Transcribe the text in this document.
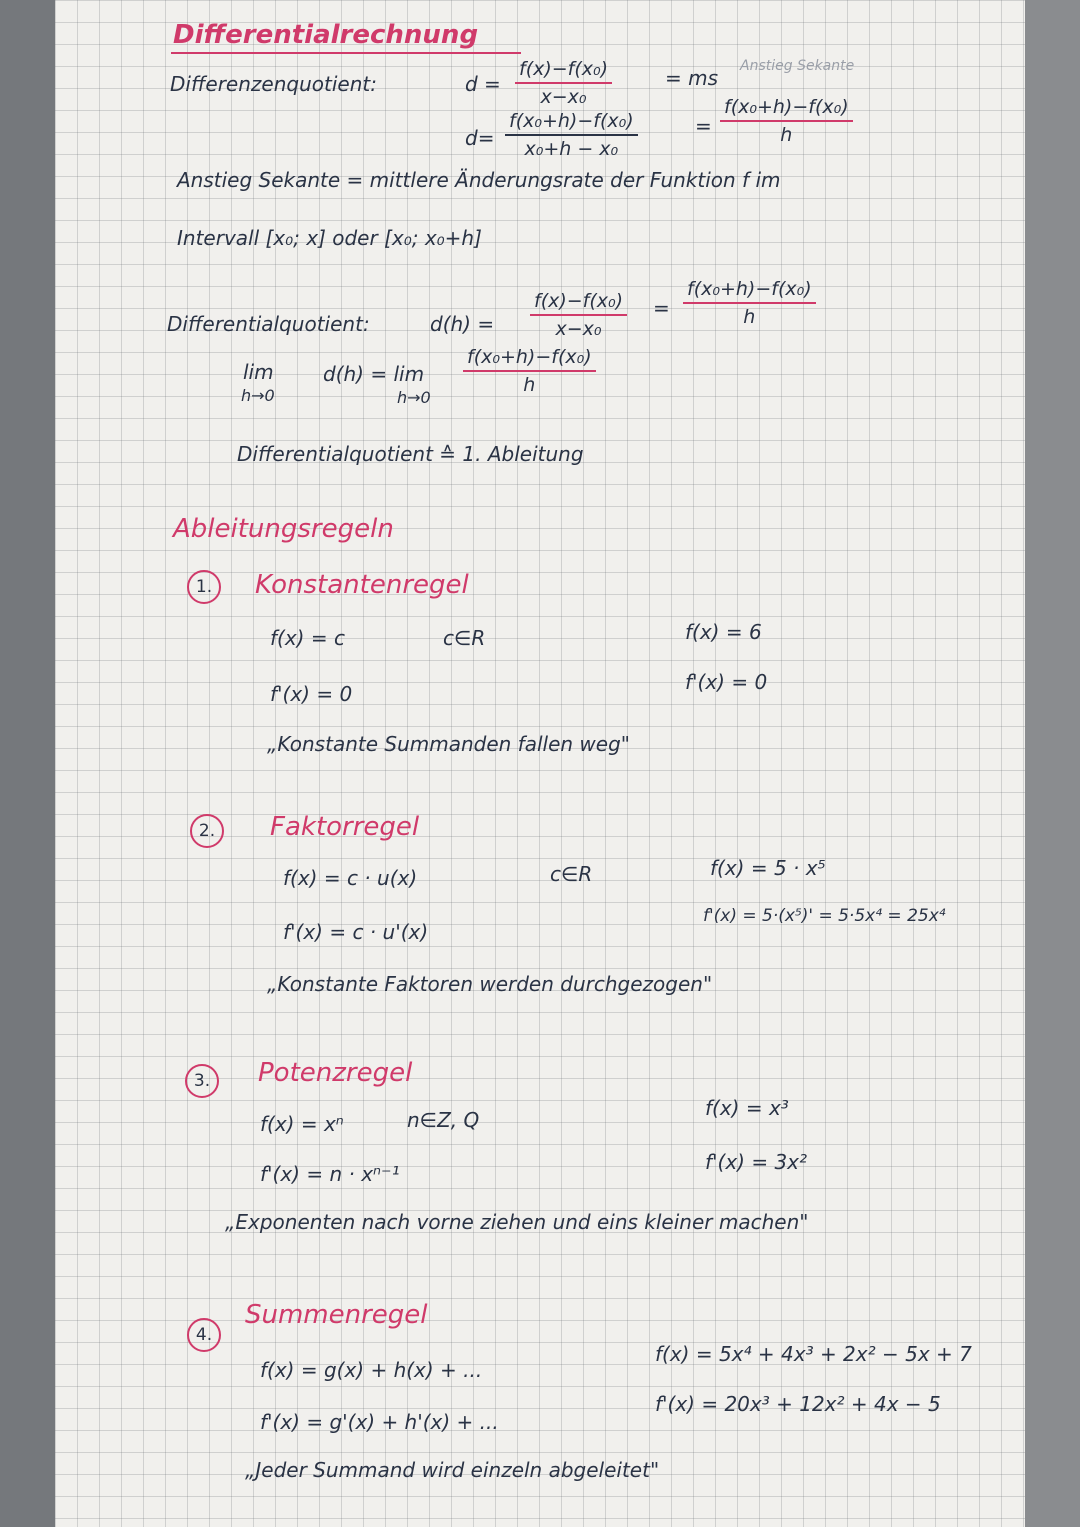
Differentialrechnung
Differenzenquotient:	$d = \frac{\text{f(x)−f(x₀)}}{\text{x−x₀}}$	= ms Anstieg Sekante
$d= \frac{\text{f(x₀+h)−f(x₀)}}{\text{x₀+h − x₀}}$	= $\frac{\text{f(x₀+h)−f(x₀)}}{h}$
Anstieg Sekante = mittlere Änderungsrate der Funktion f im
Intervall [x₀; x] oder [x₀; x₀+h]
Differentialquotient:	$d(h) = \frac{\text{f(x)−f(x₀)}}{\text{x−x₀}} = \frac{\text{f(x₀+h)−f(x₀)}}{h}$
lim
h→0
d(h) = lim
h→0
$\frac{\text{f(x₀+h)−f(x₀)}}{h}$
Differentialquotient ≙ 1. Ableitung
Ableitungsregeln
1.	Konstantenregel
f(x) = c	c∈R	f(x) = 6
f'(x) = 0	f'(x) = 0
„Konstante Summanden fallen weg"
2.	Faktorregel
f(x) = c · u(x)	c∈R	f(x) = 5 · x⁵
f'(x) = c · u'(x)
f'(x) = 5·(x⁵)' = 5·5x⁴ = 25x⁴
„Konstante Faktoren werden durchgezogen"
3.	Potenzregel
f(x) = xⁿ	n∈Z, Q	f(x) = x³
f'(x) = n · xⁿ⁻¹	f'(x) = 3x²
„Exponenten nach vorne ziehen und eins kleiner machen"
4.
Summenregel
f(x) = g(x) + h(x) + ...
f(x) = 5x⁴ + 4x³ + 2x² − 5x + 7
f'(x) = g'(x) + h'(x) + ...
f'(x) = 20x³ + 12x² + 4x − 5
„Jeder Summand wird einzeln abgeleitet"
